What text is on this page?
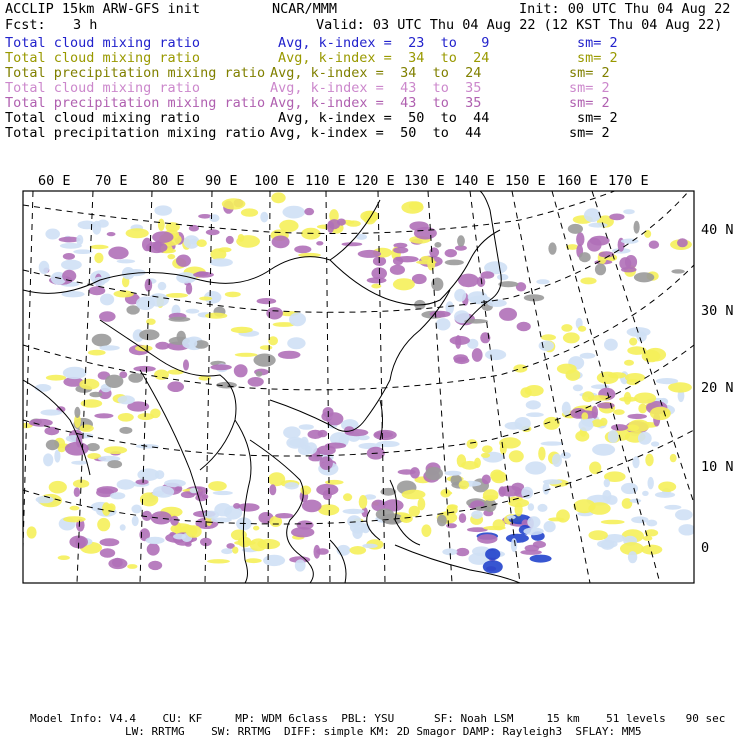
ACCLIP 15km ARW-GFS init	NCAR/MMM	Init: 00 UTC Thu 04 Aug 22
Fcst: 3 h	Valid: 03 UTC Thu 04 Aug 22 (12 KST Thu 04 Aug 22)
Total cloud mixing ratio	Avg, k-index = 23 to 9	sm= 2
Total cloud mixing ratio	Avg, k-index = 34 to 24	sm= 2
Total precipitation mixing ratio Avg, k-index = 34 to 24	sm= 2
Total cloud mixing ratio	Avg, k-index = 43 to 35	sm= 2
Total precipitation mixing ratio Avg, k-index = 43 to 35	sm= 2
Total cloud mixing ratio	Avg, k-index = 50 to 44	sm= 2
Total precipitation mixing ratio Avg, k-index = 50 to 44	sm= 2
60 E 70 E 80 E 90 E 100 E 110 E 120 E 130 E 140 E 150 E 160 E 170 E
40 N
30 N
20 N
10 N
0
Model Info: V4.4    CU: KF     MP: WDM 6class  PBL: YSU      SF: Noah LSM     15 km    51 levels   90 sec
LW: RRTMG    SW: RRTMG  DIFF: simple KM: 2D Smagor DAMP: Rayleigh3  SFLAY: MM5
